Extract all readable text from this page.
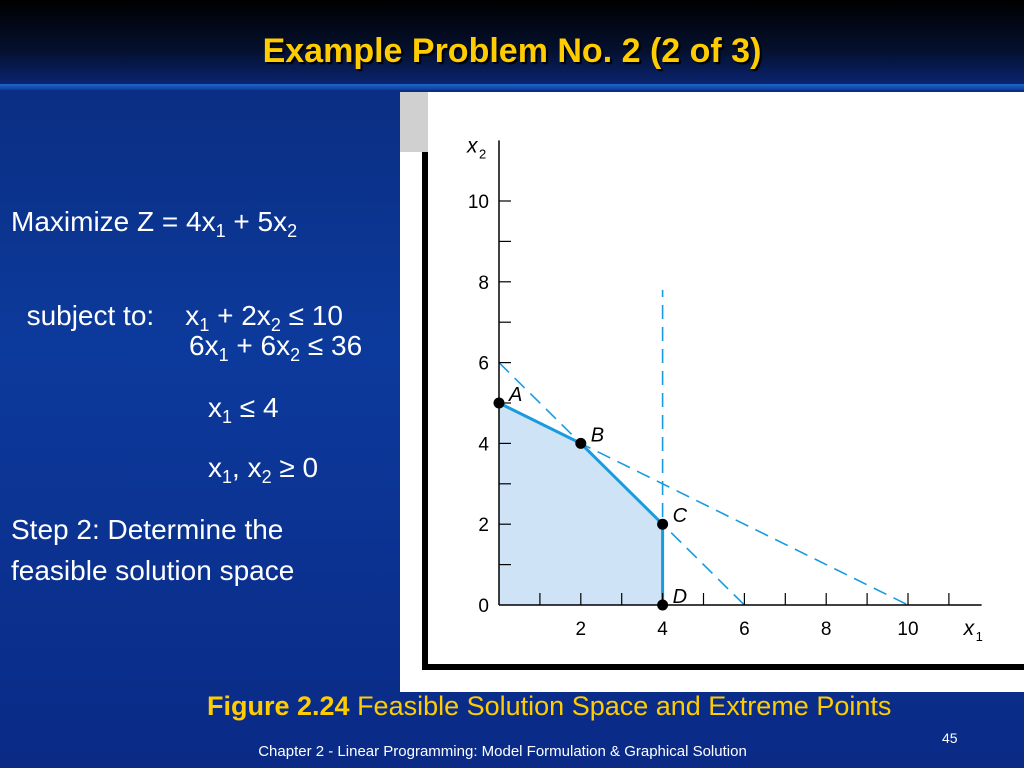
Example Problem No. 2 (2 of 3)
Maximize $Z = 4x_1 + 5x_2$

subject to:    $x_1 + 2x_2 \le 10$

$6x_1 + 6x_2 \le 36$
$x_1 \le 4$
$x_1$, $x_2 \ge 0$
Step 2: Determine the
feasible solution space
2	4	6	8	10
0
2
4
6
8
10
x 1
x 2
A
B
C
D
Figure 2.24 Feasible Solution Space and Extreme Points
45
Chapter 2 - Linear Programming: Model Formulation & Graphical Solution
